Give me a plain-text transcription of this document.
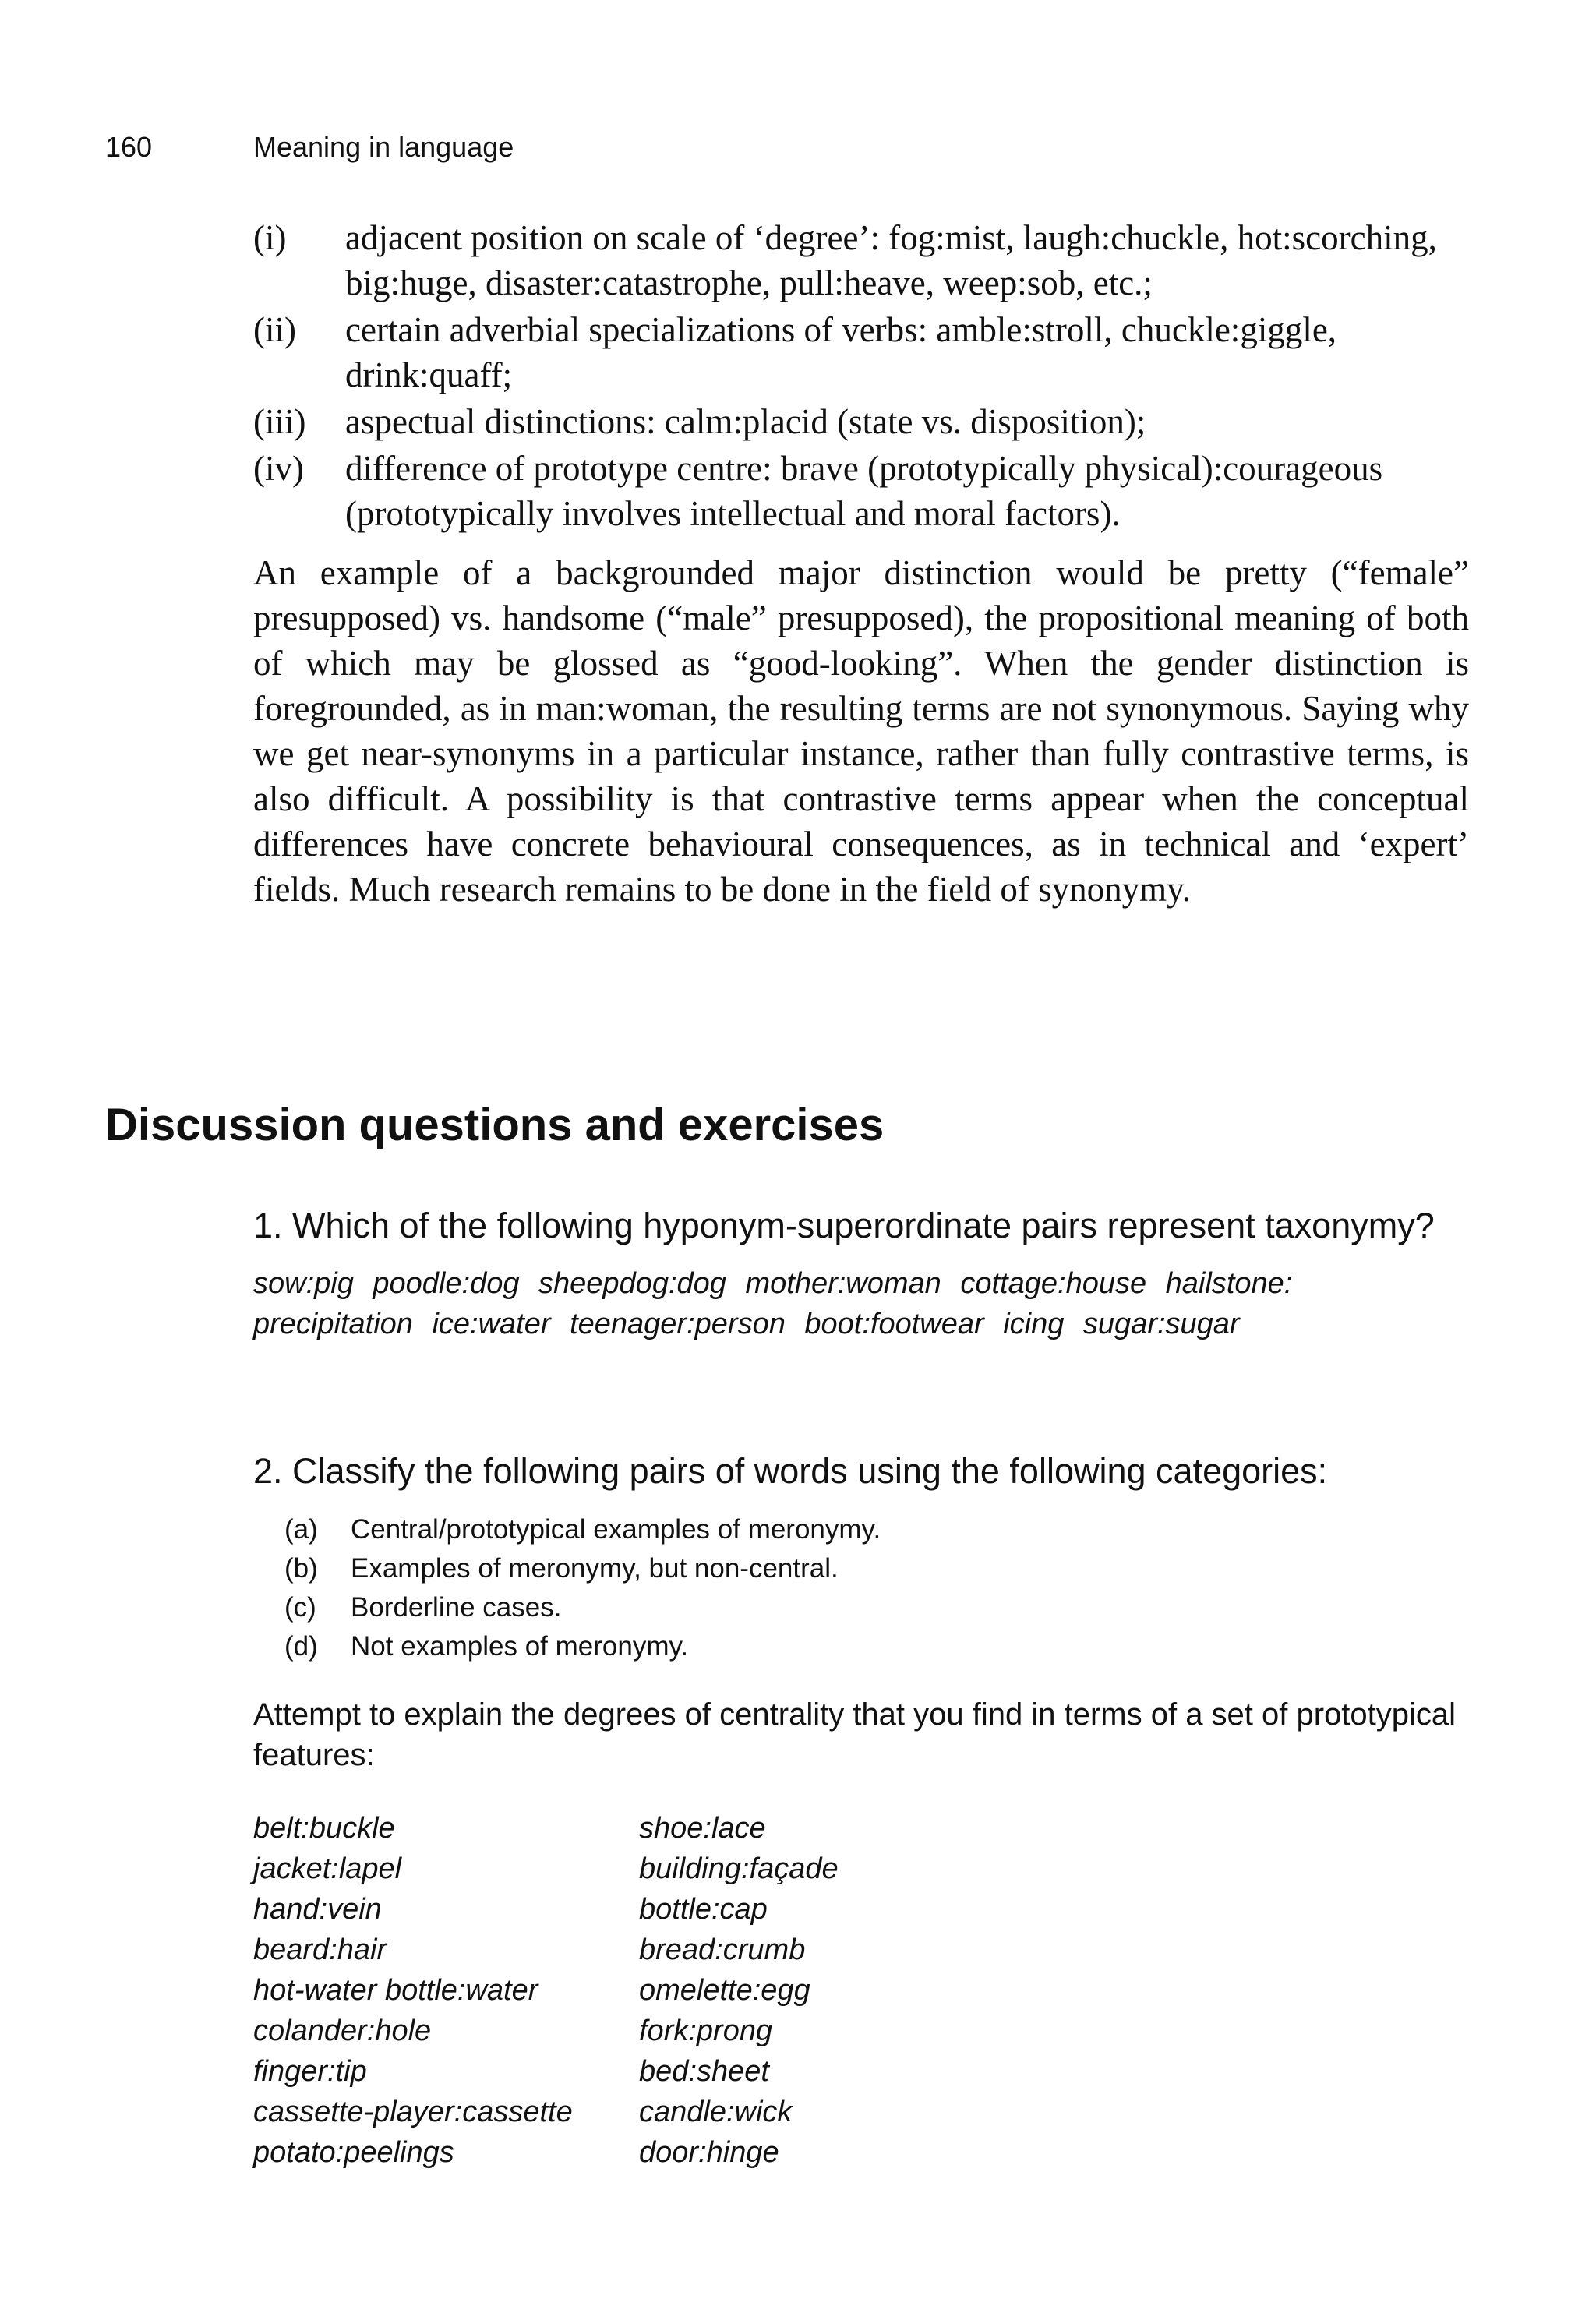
160	Meaning in language
(i) adjacent position on scale of ‘degree’: fog:mist, laugh:chuckle, hot:scorching, big:huge, disaster:catastrophe, pull:heave, weep:sob, etc.;
(ii) certain adverbial specializations of verbs: amble:stroll, chuckle:giggle, drink:quaff;
(iii) aspectual distinctions: calm:placid (state vs. disposition);
(iv) difference of prototype centre: brave (prototypically physical):courageous (prototypically involves intellectual and moral factors).

An example of a backgrounded major distinction would be pretty (“female” presupposed) vs. handsome (“male” presupposed), the propositional meaning of both of which may be glossed as “good-looking”. When the gender distinction is foregrounded, as in man:woman, the resulting terms are not synonymous. Saying why we get near-synonyms in a particular instance, rather than fully contrastive terms, is also difficult. A possibility is that contrastive terms appear when the conceptual differences have concrete behavioural consequences, as in technical and ‘expert’ fields. Much research remains to be done in the field of synonymy.

Discussion questions and exercises

1. Which of the following hyponym-superordinate pairs represent taxonymy?

sow:pig poodle:dog sheepdog:dog mother:woman cottage:house hailstone: precipitation ice:water teenager:person boot:footwear icing sugar:sugar

2. Classify the following pairs of words using the following categories:

(a) Central/prototypical examples of meronymy.
(b) Examples of meronymy, but non-central.
(c) Borderline cases.
(d) Not examples of meronymy.

Attempt to explain the degrees of centrality that you find in terms of a set of prototypical features:

belt:buckle	shoe:lace
jacket:lapel	building:façade
hand:vein	bottle:cap
beard:hair	bread:crumb
hot-water bottle:water	omelette:egg
colander:hole	fork:prong
finger:tip	bed:sheet
cassette-player:cassette	candle:wick
potato:peelings	door:hinge
